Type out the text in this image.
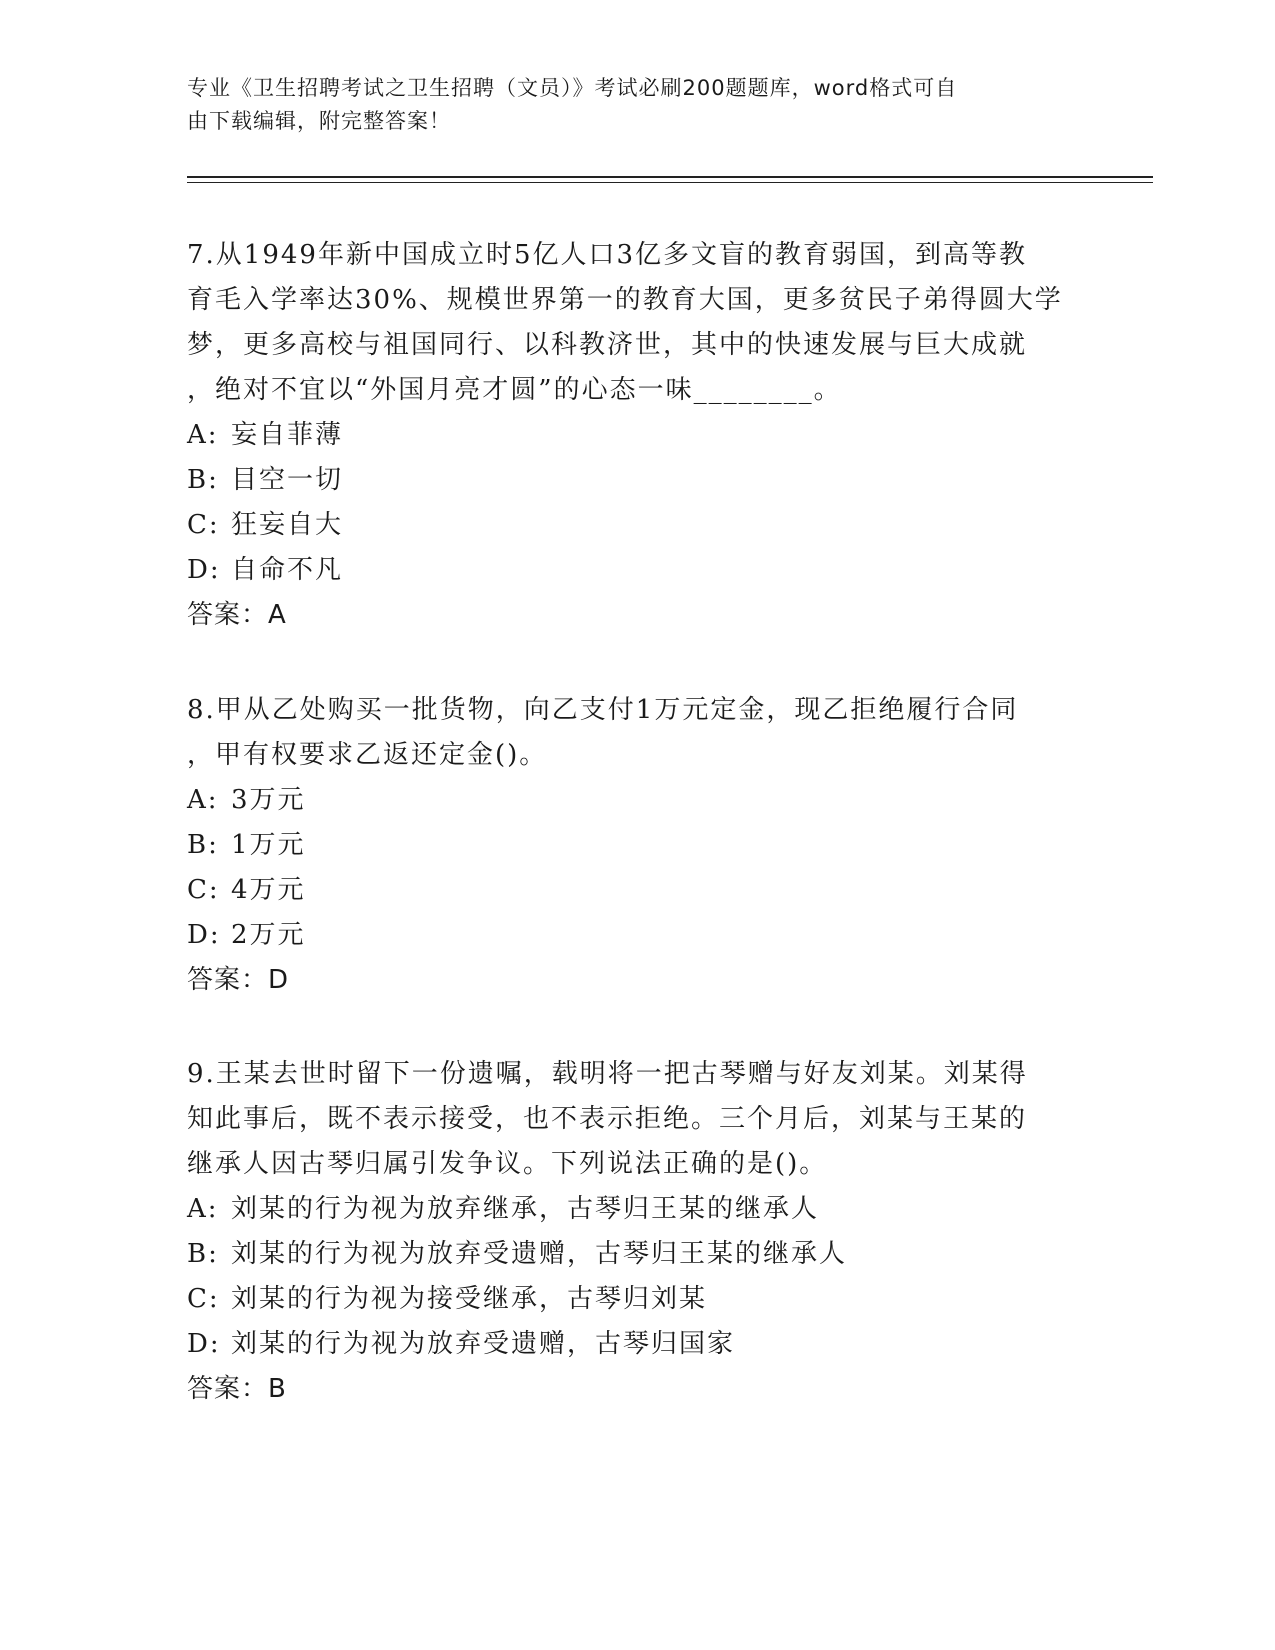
专业《卫生招聘考试之卫生招聘（文员）》考试必刷200题题库，word格式可自
由下载编辑，附完整答案！

7.从1949年新中国成立时5亿人口3亿多文盲的教育弱国，到高等教

育毛入学率达30%、规模世界第一的教育大国，更多贫民子弟得圆大学

梦，更多高校与祖国同行、以科教济世，其中的快速发展与巨大成就

，绝对不宜以“外国月亮才圆”的心态一味________。

A: 妄自菲薄
B: 目空一切
C: 狂妄自大
D: 自命不凡

答案：A

8.甲从乙处购买一批货物，向乙支付1万元定金，现乙拒绝履行合同

，甲有权要求乙返还定金()。

A: 3万元
B: 1万元
C: 4万元
D: 2万元

答案：D

9.王某去世时留下一份遗嘱，载明将一把古琴赠与好友刘某。刘某得

知此事后，既不表示接受，也不表示拒绝。三个月后，刘某与王某的

继承人因古琴归属引发争议。下列说法正确的是()。

A: 刘某的行为视为放弃继承，古琴归王某的继承人
B: 刘某的行为视为放弃受遗赠，古琴归王某的继承人
C: 刘某的行为视为接受继承，古琴归刘某
D: 刘某的行为视为放弃受遗赠，古琴归国家

答案：B
